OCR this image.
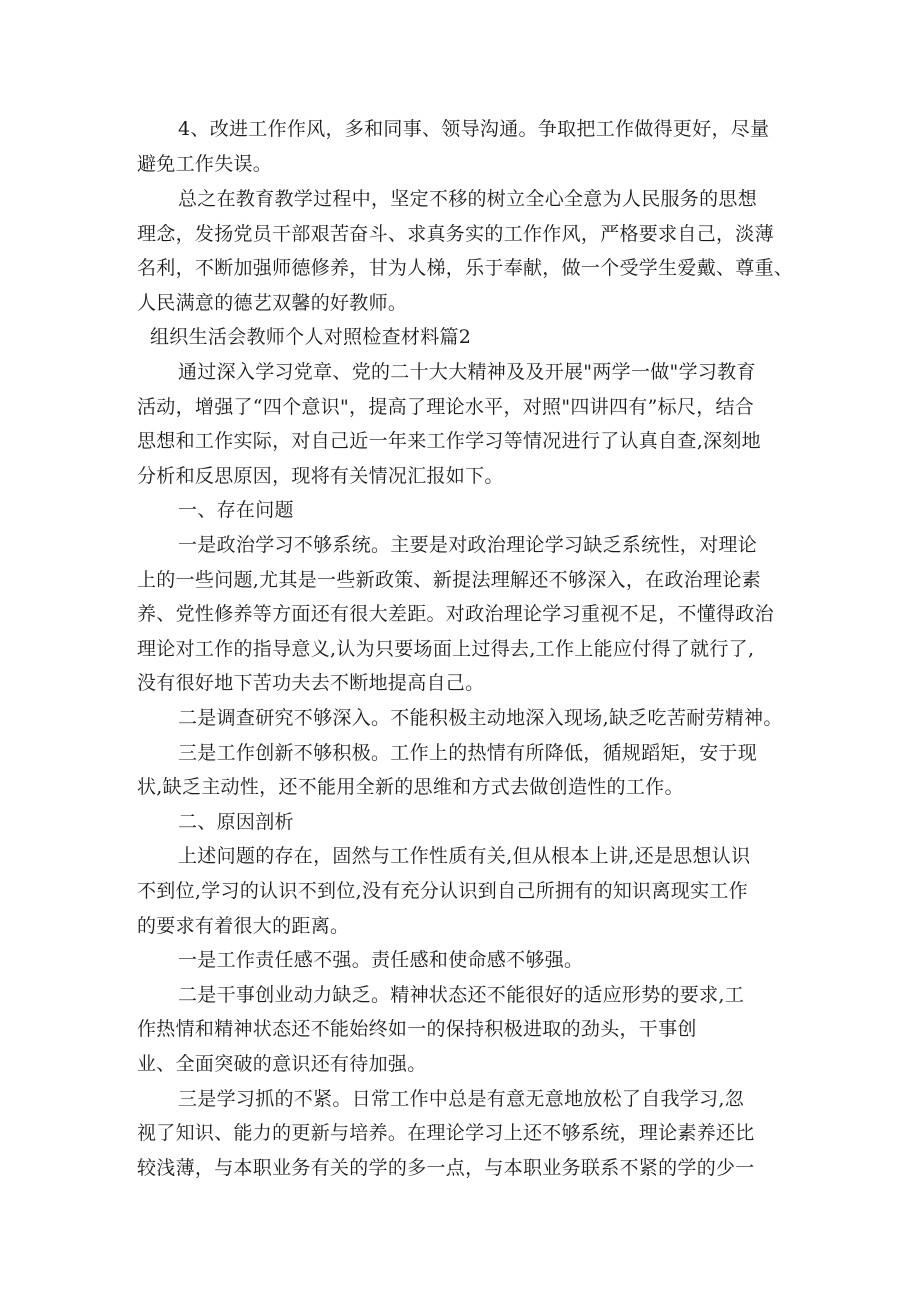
4、改进工作作风，多和同事、领导沟通。争取把工作做得更好，尽量
避免工作失误。
总之在教育教学过程中，坚定不移的树立全心全意为人民服务的思想
理念，发扬党员干部艰苦奋斗、求真务实的工作作风，严格要求自己，淡薄
名利，不断加强师德修养，甘为人梯，乐于奉献，做一个受学生爱戴、尊重、
人民满意的德艺双馨的好教师。
组织生活会教师个人对照检查材料篇2
通过深入学习党章、党的二十大大精神及及开展"两学一做"学习教育
活动，增强了“四个意识"，提高了理论水平，对照"四讲四有”标尺，结合
思想和工作实际，对自己近一年来工作学习等情况进行了认真自查,深刻地
分析和反思原因，现将有关情况汇报如下。
一、存在问题
一是政治学习不够系统。主要是对政治理论学习缺乏系统性，对理论
上的一些问题,尤其是一些新政策、新提法理解还不够深入，在政治理论素
养、党性修养等方面还有很大差距。对政治理论学习重视不足，不懂得政治
理论对工作的指导意义,认为只要场面上过得去,工作上能应付得了就行了,
没有很好地下苦功夫去不断地提高自己。
二是调查研究不够深入。不能积极主动地深入现场,缺乏吃苦耐劳精神。
三是工作创新不够积极。工作上的热情有所降低，循规蹈矩，安于现
状,缺乏主动性，还不能用全新的思维和方式去做创造性的工作。
二、原因剖析
上述问题的存在，固然与工作性质有关,但从根本上讲,还是思想认识
不到位,学习的认识不到位,没有充分认识到自己所拥有的知识离现实工作
的要求有着很大的距离。
一是工作责任感不强。责任感和使命感不够强。
二是干事创业动力缺乏。精神状态还不能很好的适应形势的要求,工
作热情和精神状态还不能始终如一的保持积极进取的劲头，干事创
业、全面突破的意识还有待加强。
三是学习抓的不紧。日常工作中总是有意无意地放松了自我学习,忽
视了知识、能力的更新与培养。在理论学习上还不够系统，理论素养还比
较浅薄，与本职业务有关的学的多一点，与本职业务联系不紧的学的少一
